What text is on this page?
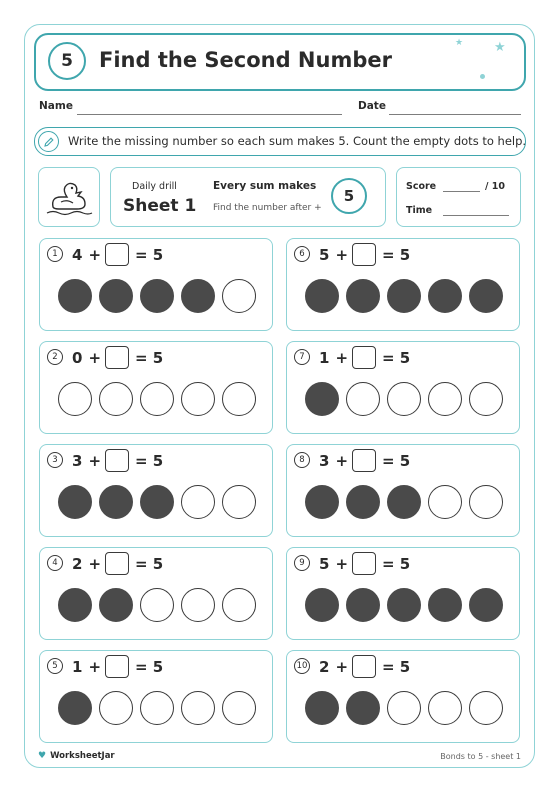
5	Find the Second Number
★ ★
Name	Date
Write the missing number so each sum makes 5. Count the empty dots to help.
Daily drill
Sheet 1
Every sum makes
Find the number after +
5
Score	/ 10
Time
1 4 + = 5
2 0 + = 5
3 3 + = 5
4 2 + = 5
5 1 + = 5
6 5 + = 5
7 1 + = 5
8 3 + = 5
9 5 + = 5
10 2 + = 5
♥ WorksheetJar	Bonds to 5 - sheet 1
